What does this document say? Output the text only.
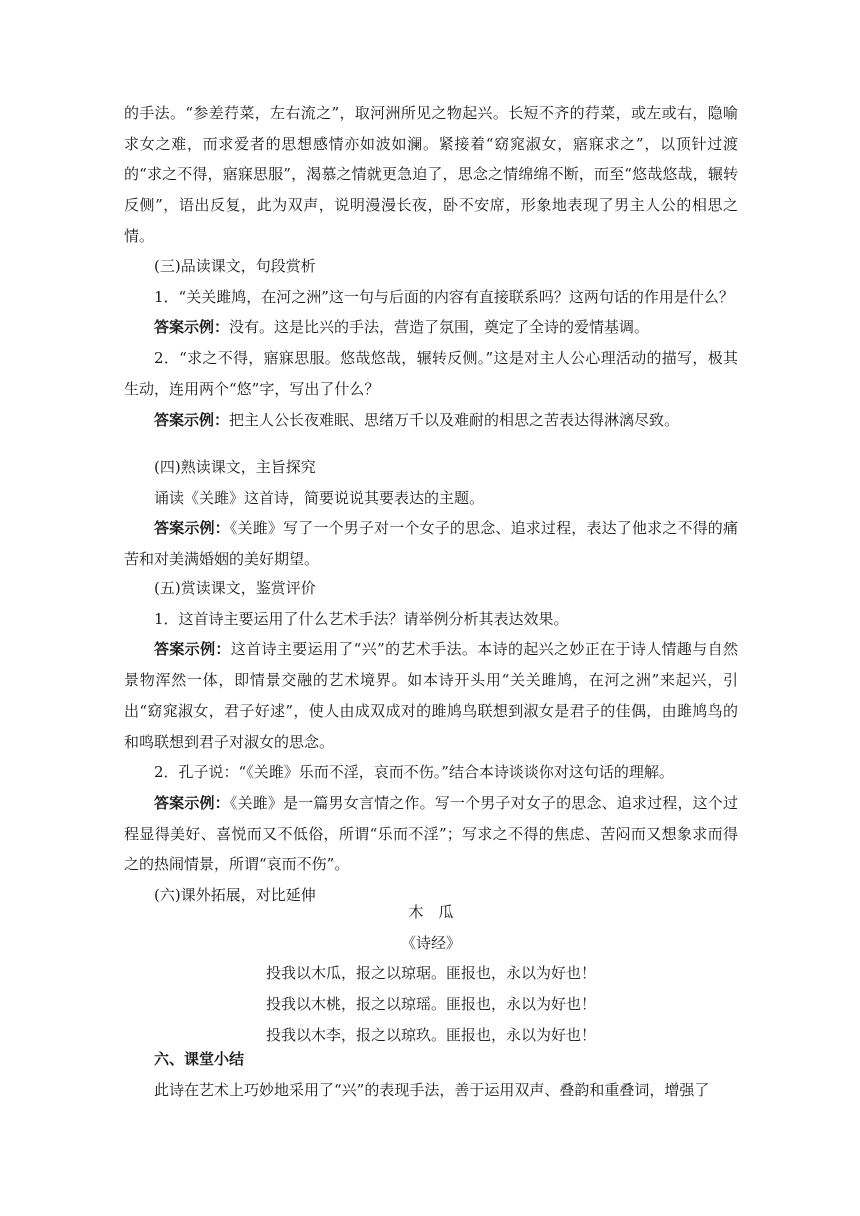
的手法。“参差荇菜，左右流之”，取河洲所见之物起兴。长短不齐的荇菜，或左或右，隐喻求女之难，而求爱者的思想感情亦如波如澜。紧接着“窈窕淑女，寤寐求之”，以顶针过渡的“求之不得，寤寐思服”，渴慕之情就更急迫了，思念之情绵绵不断，而至“悠哉悠哉，辗转反侧”，语出反复，此为双声，说明漫漫长夜，卧不安席，形象地表现了男主人公的相思之情。

(三)品读课文，句段赏析

1．“关关雎鸠，在河之洲”这一句与后面的内容有直接联系吗？这两句话的作用是什么？

答案示例：没有。这是比兴的手法，营造了氛围，奠定了全诗的爱情基调。

2．“求之不得，寤寐思服。悠哉悠哉，辗转反侧。”这是对主人公心理活动的描写，极其生动，连用两个“悠”字，写出了什么？

答案示例：把主人公长夜难眠、思绪万千以及难耐的相思之苦表达得淋漓尽致。

(四)熟读课文，主旨探究

诵读《关雎》这首诗，简要说说其要表达的主题。

答案示例：《关雎》写了一个男子对一个女子的思念、追求过程，表达了他求之不得的痛苦和对美满婚姻的美好期望。

(五)赏读课文，鉴赏评价

1．这首诗主要运用了什么艺术手法？请举例分析其表达效果。

答案示例：这首诗主要运用了“兴”的艺术手法。本诗的起兴之妙正在于诗人情趣与自然景物浑然一体，即情景交融的艺术境界。如本诗开头用“关关雎鸠，在河之洲”来起兴，引出“窈窕淑女，君子好逑”，使人由成双成对的雎鸠鸟联想到淑女是君子的佳偶，由雎鸠鸟的和鸣联想到君子对淑女的思念。

2．孔子说：“《关雎》乐而不淫，哀而不伤。”结合本诗谈谈你对这句话的理解。

答案示例：《关雎》是一篇男女言情之作。写一个男子对女子的思念、追求过程，这个过程显得美好、喜悦而又不低俗，所谓“乐而不淫”；写求之不得的焦虑、苦闷而又想象求而得之的热闹情景，所谓“哀而不伤”。

(六)课外拓展，对比延伸

木　瓜

《诗经》

投我以木瓜，报之以琼琚。匪报也，永以为好也！

投我以木桃，报之以琼瑶。匪报也，永以为好也！

投我以木李，报之以琼玖。匪报也，永以为好也！

六、课堂小结

此诗在艺术上巧妙地采用了“兴”的表现手法，善于运用双声、叠韵和重叠词，增强了
